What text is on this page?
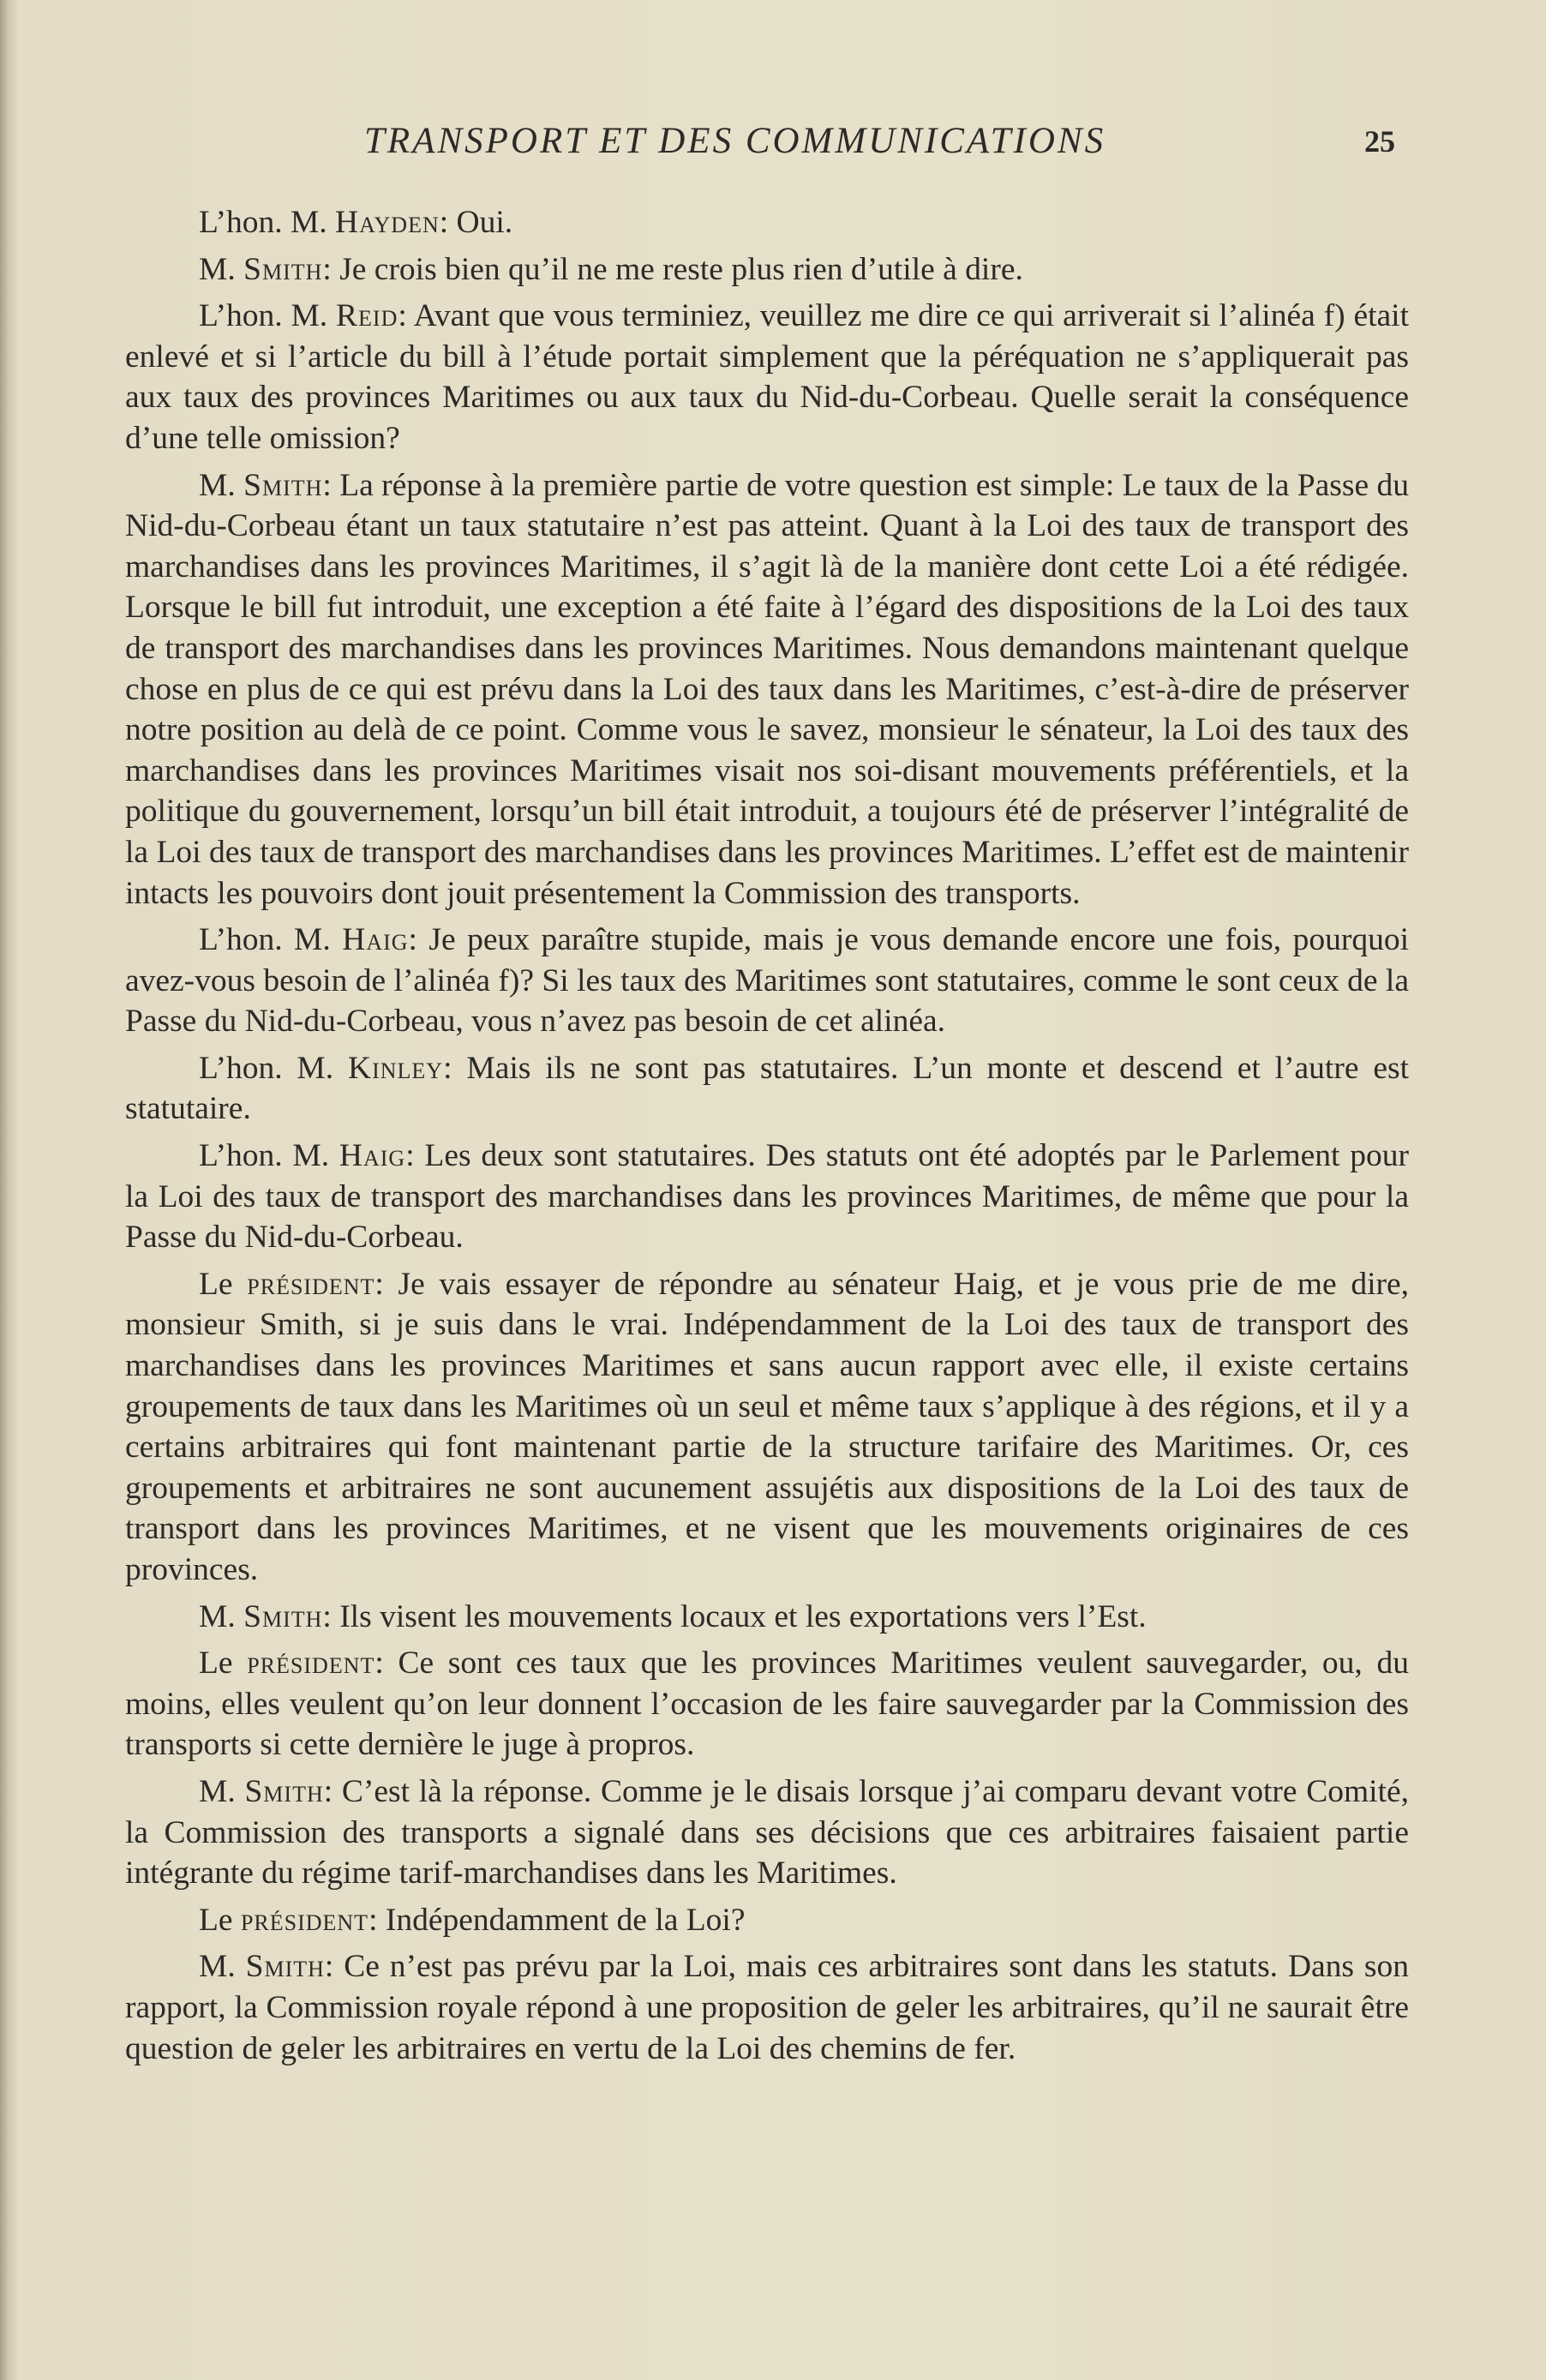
TRANSPORT ET DES COMMUNICATIONS	25

L’hon. M. Hayden: Oui.

M. Smith: Je crois bien qu’il ne me reste plus rien d’utile à dire.

L’hon. M. Reid: Avant que vous terminiez, veuillez me dire ce qui arriverait si l’alinéa f) était enlevé et si l’article du bill à l’étude portait simplement que la péréquation ne s’appliquerait pas aux taux des provinces Maritimes ou aux taux du Nid-du-Corbeau. Quelle serait la conséquence d’une telle omission?

M. Smith: La réponse à la première partie de votre question est simple: Le taux de la Passe du Nid-du-Corbeau étant un taux statutaire n’est pas atteint. Quant à la Loi des taux de transport des marchandises dans les provinces Maritimes, il s’agit là de la manière dont cette Loi a été rédigée. Lorsque le bill fut introduit, une exception a été faite à l’égard des dispositions de la Loi des taux de transport des marchandises dans les provinces Maritimes. Nous demandons maintenant quelque chose en plus de ce qui est prévu dans la Loi des taux dans les Maritimes, c’est-à-dire de préserver notre position au delà de ce point. Comme vous le savez, monsieur le sénateur, la Loi des taux des marchandises dans les provinces Maritimes visait nos soi-disant mouvements préférentiels, et la politique du gouvernement, lorsqu’un bill était introduit, a toujours été de préserver l’intégralité de la Loi des taux de transport des marchandises dans les provinces Maritimes. L’effet est de maintenir intacts les pouvoirs dont jouit présentement la Commission des transports.

L’hon. M. Haig: Je peux paraître stupide, mais je vous demande encore une fois, pourquoi avez-vous besoin de l’alinéa f)? Si les taux des Maritimes sont statutaires, comme le sont ceux de la Passe du Nid-du-Corbeau, vous n’avez pas besoin de cet alinéa.

L’hon. M. Kinley: Mais ils ne sont pas statutaires. L’un monte et descend et l’autre est statutaire.

L’hon. M. Haig: Les deux sont statutaires. Des statuts ont été adoptés par le Parlement pour la Loi des taux de transport des marchandises dans les provinces Maritimes, de même que pour la Passe du Nid-du-Corbeau.

Le président: Je vais essayer de répondre au sénateur Haig, et je vous prie de me dire, monsieur Smith, si je suis dans le vrai. Indépendamment de la Loi des taux de transport des marchandises dans les provinces Maritimes et sans aucun rapport avec elle, il existe certains groupements de taux dans les Maritimes où un seul et même taux s’applique à des régions, et il y a certains arbitraires qui font maintenant partie de la structure tarifaire des Maritimes. Or, ces groupements et arbitraires ne sont aucunement assujétis aux dispositions de la Loi des taux de transport dans les provinces Maritimes, et ne visent que les mouvements originaires de ces provinces.

M. Smith: Ils visent les mouvements locaux et les exportations vers l’Est.

Le président: Ce sont ces taux que les provinces Maritimes veulent sauvegarder, ou, du moins, elles veulent qu’on leur donnent l’occasion de les faire sauvegarder par la Commission des transports si cette dernière le juge à propros.

M. Smith: C’est là la réponse. Comme je le disais lorsque j’ai comparu devant votre Comité, la Commission des transports a signalé dans ses décisions que ces arbitraires faisaient partie intégrante du régime tarif-marchandises dans les Maritimes.

Le président: Indépendamment de la Loi?

M. Smith: Ce n’est pas prévu par la Loi, mais ces arbitraires sont dans les statuts. Dans son rapport, la Commission royale répond à une proposition de geler les arbitraires, qu’il ne saurait être question de geler les arbitraires en vertu de la Loi des chemins de fer.
